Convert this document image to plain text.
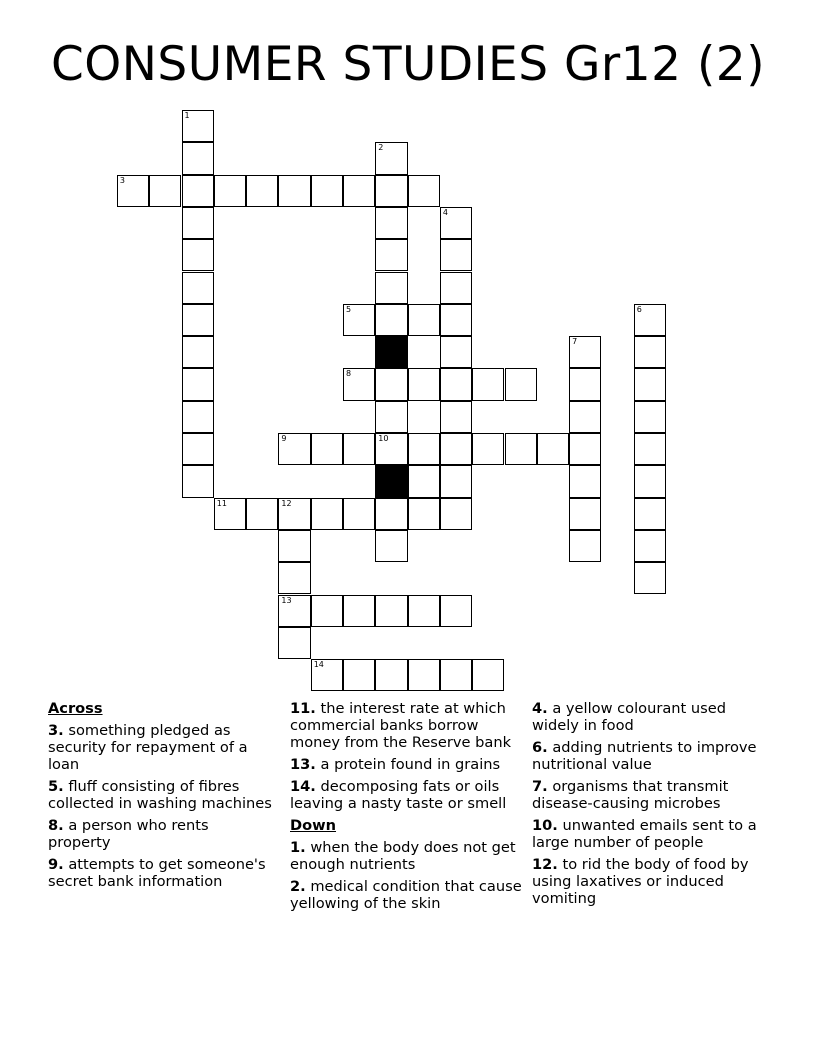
CONSUMER STUDIES Gr12 (2)
3
5
8
9	10
11	12
13
14
1
2
4
6
7
Across
3. something pledged as security for repayment of a loan
5. fluff consisting of fibres collected in washing machines
8. a person who rents property
9. attempts to get someone's secret bank information
11. the interest rate at which commercial banks borrow money from the Reserve bank
13. a protein found in grains
14. decomposing fats or oils leaving a nasty taste or smell
Down
1. when the body does not get enough nutrients
2. medical condition that cause yellowing of the skin
4. a yellow colourant used widely in food
6. adding nutrients to improve nutritional value
7. organisms that transmit disease-causing microbes
10. unwanted emails sent to a large number of people
12. to rid the body of food by using laxatives or induced vomiting
